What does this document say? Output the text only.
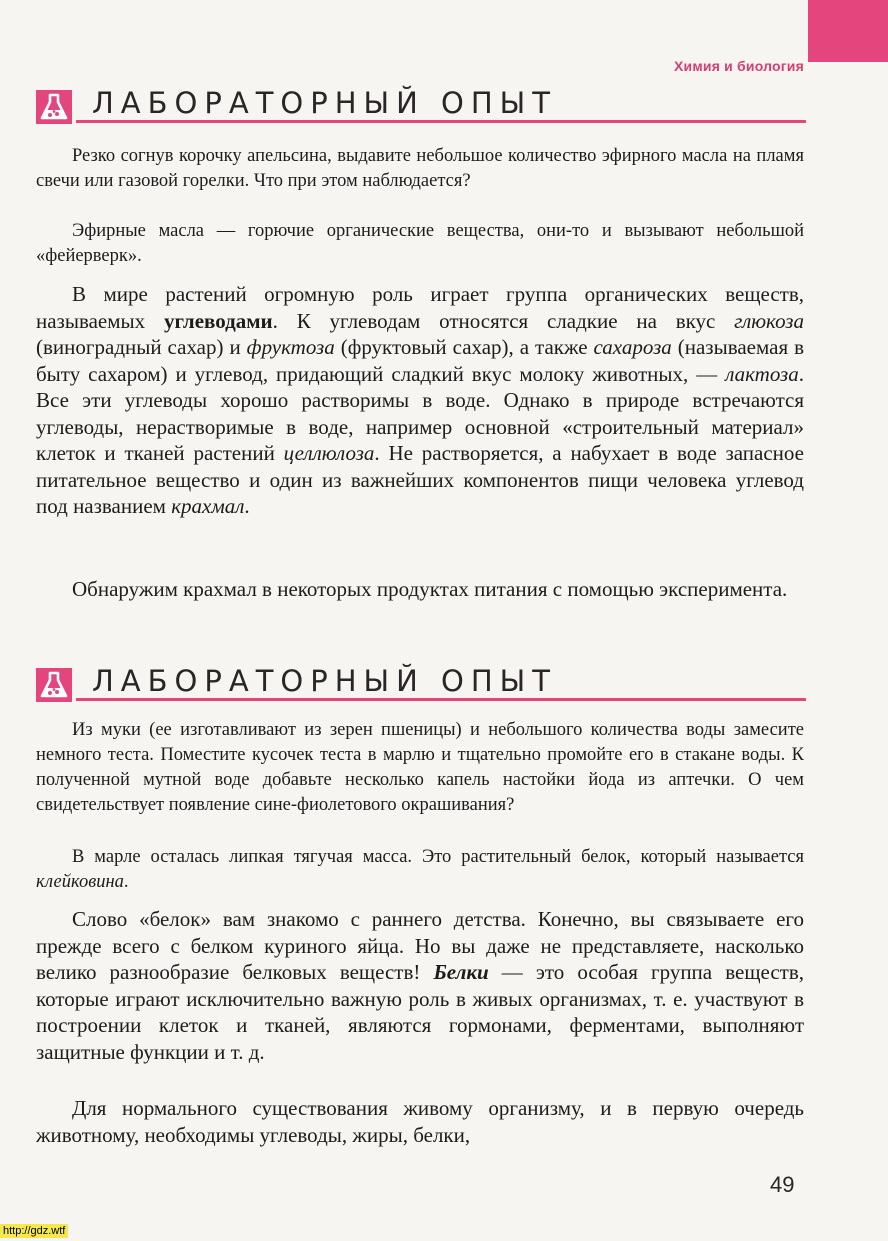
Химия и биология
ЛАБОРАТОРНЫЙ ОПЫТ

Резко согнув корочку апельсина, выдавите небольшое количество эфирного масла на пламя свечи или газовой горелки. Что при этом наблюдается?

Эфирные масла — горючие органические вещества, они-то и вызывают небольшой «фейерверк».

В мире растений огромную роль играет группа органических веществ, называемых углеводами. К углеводам относятся сладкие на вкус глюкоза (виноградный сахар) и фруктоза (фруктовый сахар), а также сахароза (называемая в быту сахаром) и углевод, придающий сладкий вкус молоку животных, — лактоза. Все эти углеводы хорошо растворимы в воде. Однако в природе встречаются углеводы, нерастворимые в воде, например основной «строительный материал» клеток и тканей растений целлюлоза. Не растворяется, а набухает в воде запасное питательное вещество и один из важнейших компонентов пищи человека углевод под названием крахмал.

Обнаружим крахмал в некоторых продуктах питания с помощью эксперимента.

ЛАБОРАТОРНЫЙ ОПЫТ

Из муки (ее изготавливают из зерен пшеницы) и небольшого количества воды замесите немного теста. Поместите кусочек теста в марлю и тщательно промойте его в стакане воды. К полученной мутной воде добавьте несколько капель настойки йода из аптечки. О чем свидетельствует появление сине-фиолетового окрашивания?

В марле осталась липкая тягучая масса. Это растительный белок, который называется клейковина.

Слово «белок» вам знакомо с раннего детства. Конечно, вы связываете его прежде всего с белком куриного яйца. Но вы даже не представляете, насколько велико разнообразие белковых веществ! Белки — это особая группа веществ, которые играют исключительно важную роль в живых организмах, т. е. участвуют в построении клеток и тканей, являются гормонами, ферментами, выполняют защитные функции и т. д.

Для нормального существования живому организму, и в первую очередь животному, необходимы углеводы, жиры, белки,

49
http://gdz.wtf
